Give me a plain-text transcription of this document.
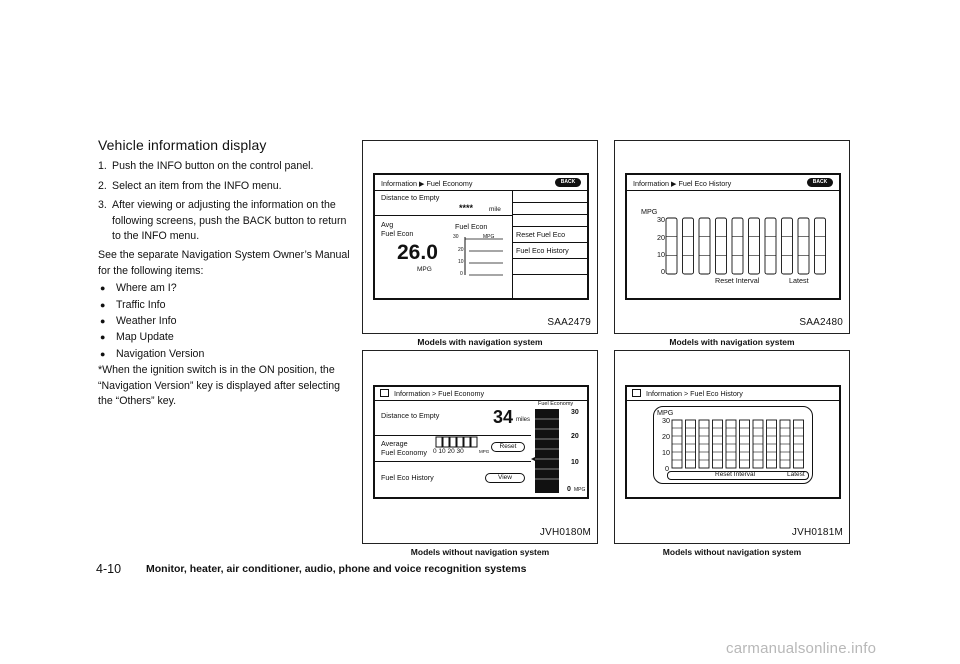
Vehicle information display
1. Push the INFO button on the control panel.
2. Select an item from the INFO menu.
3. After viewing or adjusting the information on the following screens, push the BACK button to return to the INFO menu.
See the separate Navigation System Owner’s Manual for the following items:
● Where am I?
● Traffic Info
● Weather Info
● Map Update
● Navigation Version
*When the ignition switch is in the ON position, the “Navigation Version” key is displayed after selecting the “Others” key.
Information ▶ Fuel Economy	BACK
Distance to Empty
**** mile
Avg
Fuel Econ
26.0
MPG
Fuel Econ
30	MPG
20
10
0
Reset Fuel Eco
Fuel Eco History
SAA2479
Models with navigation system
Information ▶ Fuel Eco History	BACK
MPG
30
20
10
0
Reset Interval	Latest
SAA2480
Models with navigation system
Information > Fuel Economy
Distance to Empty	34 miles
Average
Fuel Economy 0 10 20 30	MPG
Reset
Fuel Eco History	View
Fuel Economy
30
20
10
0 MPG
JVH0180M
Models without navigation system
Information > Fuel Eco History
MPG
30
20
10
0
Reset Interval	Latest
JVH0181M
Models without navigation system
4-10 Monitor, heater, air conditioner, audio, phone and voice recognition systems
carmanualsonline.info
